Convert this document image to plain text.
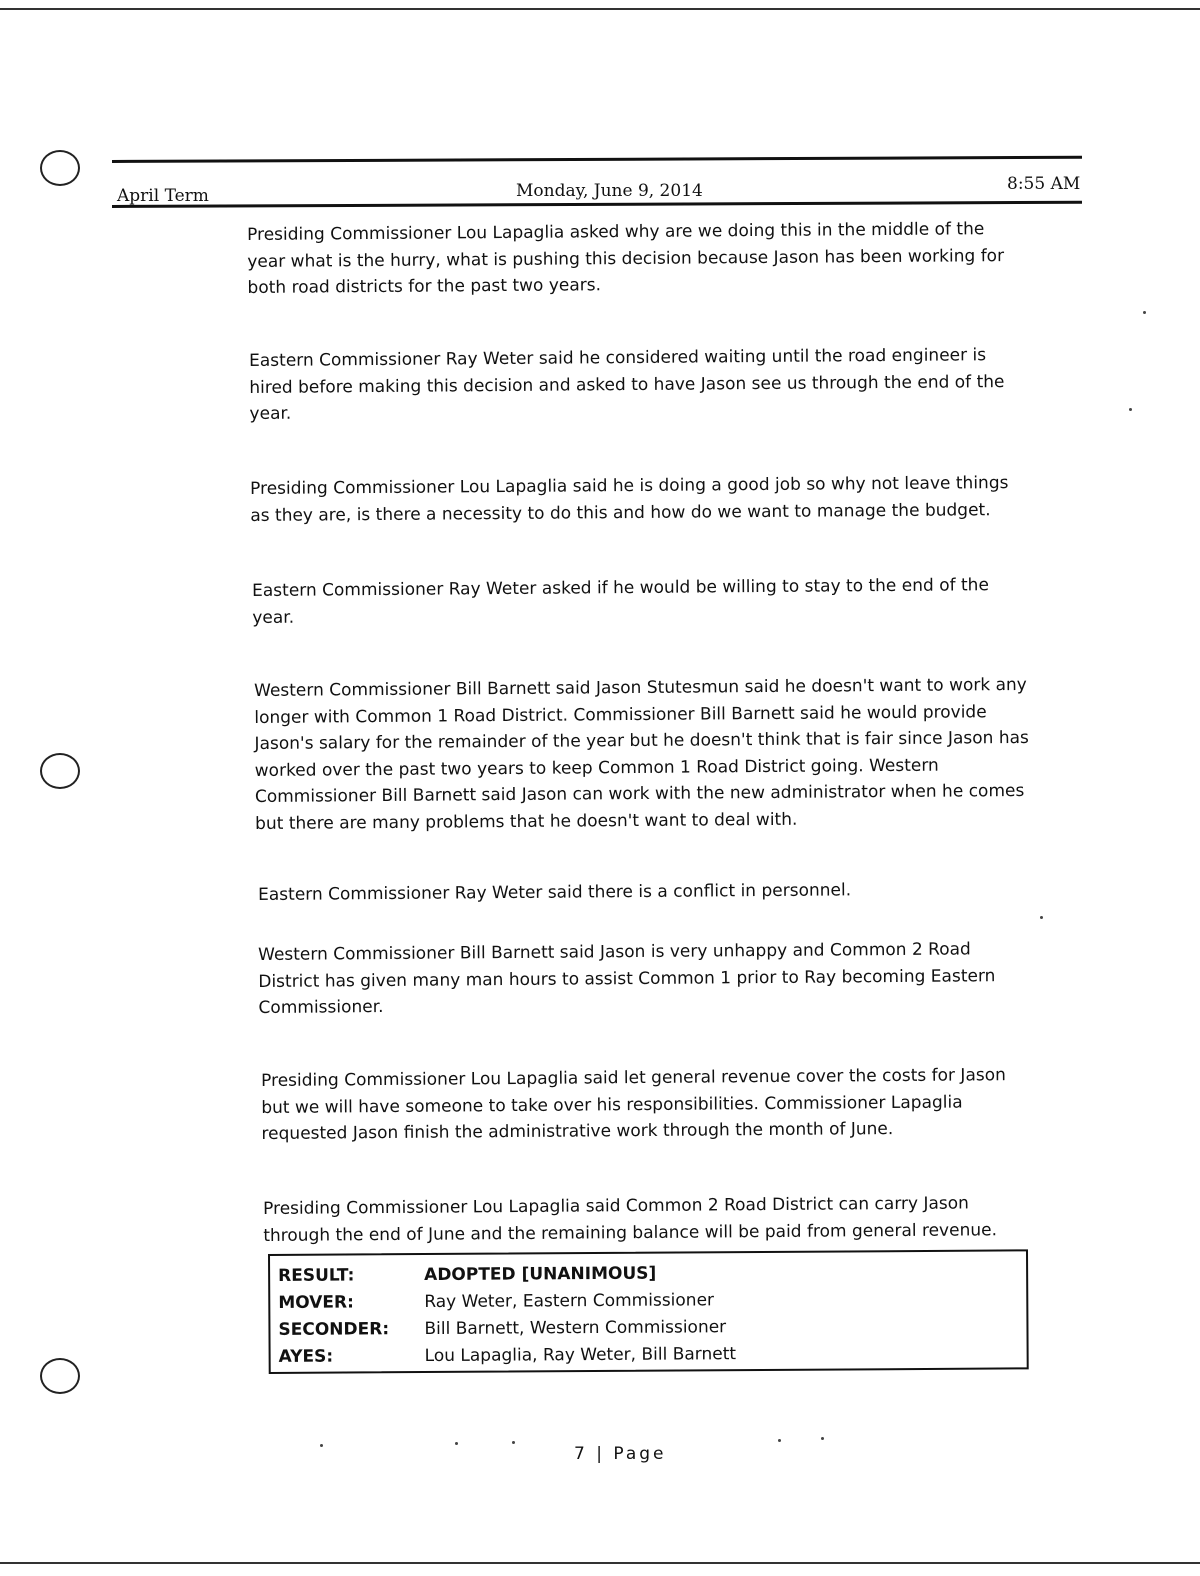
April Term	Monday, June 9, 2014	8:55 AM

Presiding Commissioner Lou Lapaglia asked why are we doing this in the middle of the year what is the hurry, what is pushing this decision because Jason has been working for both road districts for the past two years.

Eastern Commissioner Ray Weter said he considered waiting until the road engineer is hired before making this decision and asked to have Jason see us through the end of the year.

Presiding Commissioner Lou Lapaglia said he is doing a good job so why not leave things as they are, is there a necessity to do this and how do we want to manage the budget.

Eastern Commissioner Ray Weter asked if he would be willing to stay to the end of the year.

Western Commissioner Bill Barnett said Jason Stutesmun said he doesn't want to work any longer with Common 1 Road District. Commissioner Bill Barnett said he would provide Jason's salary for the remainder of the year but he doesn't think that is fair since Jason has worked over the past two years to keep Common 1 Road District going. Western Commissioner Bill Barnett said Jason can work with the new administrator when he comes but there are many problems that he doesn't want to deal with.

Eastern Commissioner Ray Weter said there is a conflict in personnel.

Western Commissioner Bill Barnett said Jason is very unhappy and Common 2 Road District has given many man hours to assist Common 1 prior to Ray becoming Eastern Commissioner.

Presiding Commissioner Lou Lapaglia said let general revenue cover the costs for Jason but we will have someone to take over his responsibilities. Commissioner Lapaglia requested Jason finish the administrative work through the month of June.

Presiding Commissioner Lou Lapaglia said Common 2 Road District can carry Jason through the end of June and the remaining balance will be paid from general revenue.

RESULT:	ADOPTED [UNANIMOUS]
MOVER:	Ray Weter, Eastern Commissioner
SECONDER: Bill Barnett, Western Commissioner
AYES:	Lou Lapaglia, Ray Weter, Bill Barnett
7 | Page
